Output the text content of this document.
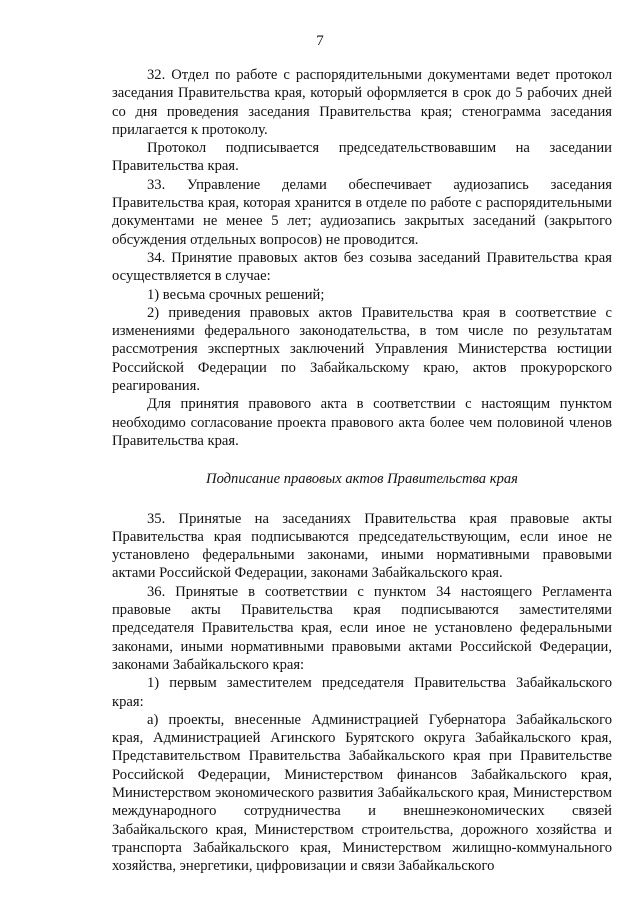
7

32. Отдел по работе с распорядительными документами ведет протокол заседания Правительства края, который оформляется в срок до 5 рабочих дней со дня проведения заседания Правительства края; стенограмма заседания прилагается к протоколу.

Протокол подписывается председательствовавшим на заседании Правительства края.

33. Управление делами обеспечивает аудиозапись заседания Правительства края, которая хранится в отделе по работе с распорядительными документами не менее 5 лет; аудиозапись закрытых заседаний (закрытого обсуждения отдельных вопросов) не проводится.

34. Принятие правовых актов без созыва заседаний Правительства края осуществляется в случае:

1) весьма срочных решений;

2) приведения правовых актов Правительства края в соответствие с изменениями федерального законодательства, в том числе по результатам рассмотрения экспертных заключений Управления Министерства юстиции Российской Федерации по Забайкальскому краю, актов прокурорского реагирования.

Для принятия правового акта в соответствии с настоящим пунктом необходимо согласование проекта правового акта более чем половиной членов Правительства края.

Подписание правовых актов Правительства края

35. Принятые на заседаниях Правительства края правовые акты Правительства края подписываются председательствующим, если иное не установлено федеральными законами, иными нормативными правовыми актами Российской Федерации, законами Забайкальского края.

36. Принятые в соответствии с пунктом 34 настоящего Регламента правовые акты Правительства края подписываются заместителями председателя Правительства края, если иное не установлено федеральными законами, иными нормативными правовыми актами Российской Федерации, законами Забайкальского края:

1) первым заместителем председателя Правительства Забайкальского края:

а) проекты, внесенные Администрацией Губернатора Забайкальского края, Администрацией Агинского Бурятского округа Забайкальского края, Представительством Правительства Забайкальского края при Правительстве Российской Федерации, Министерством финансов Забайкальского края, Министерством экономического развития Забайкальского края, Министерством международного сотрудничества и внешнеэкономических связей Забайкальского края, Министерством строительства, дорожного хозяйства и транспорта Забайкальского края, Министерством жилищно-коммунального хозяйства, энергетики, цифровизации и связи Забайкальского
